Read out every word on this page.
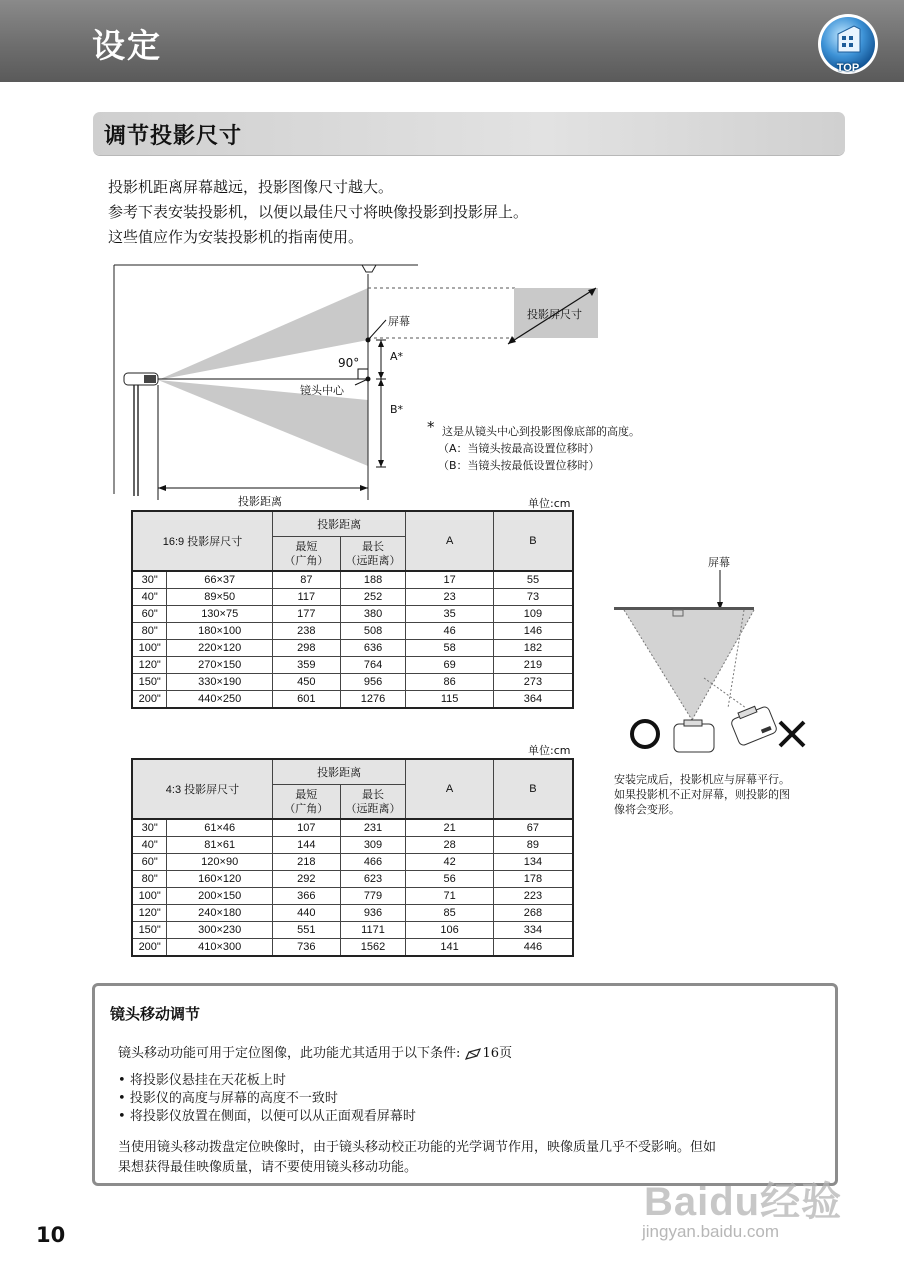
设定
TOP
调节投影尺寸
投影机距离屏幕越远，投影图像尺寸越大。
参考下表安装投影机，以便以最佳尺寸将映像投影到投影屏上。
这些值应作为安装投影机的指南使用。
屏幕
投影屏尺寸
90°	A*
B*
镜头中心
投影距离
* 这是从镜头中心到投影图像底部的高度。
（A：当镜头按最高设置位移时）
（B：当镜头按最低设置位移时）
单位:cm
16:9 投影屏尺寸		投影距离		A	B
		最短
（广角）	最长
（远距离）		
30"	66×37	87	188	17	55
40"	89×50	117	252	23	73
60"	130×75	177	380	35	109
80"	180×100	238	508	46	146
100"	220×120	298	636	58	182
120"	270×150	359	764	69	219
150"	330×190	450	956	86	273
200"	440×250	601	1276	115	364
单位:cm
4:3 投影屏尺寸		投影距离		A	B
		最短
（广角）	最长
（远距离）		
30"	61×46	107	231	21	67
40"	81×61	144	309	28	89
60"	120×90	218	466	42	134
80"	160×120	292	623	56	178
100"	200×150	366	779	71	223
120"	240×180	440	936	85	268
150"	300×230	551	1171	106	334
200"	410×300	736	1562	141	446
屏幕
安装完成后，投影机应与屏幕平行。
如果投影机不正对屏幕，则投影的图
像将会变形。
镜头移动调节
镜头移动功能可用于定位图像，此功能尤其适用于以下条件: 16页
• 将投影仪悬挂在天花板上时
• 投影仪的高度与屏幕的高度不一致时
• 将投影仪放置在侧面，以便可以从正面观看屏幕时
当使用镜头移动拨盘定位映像时，由于镜头移动校正功能的光学调节作用，映像质量几乎不受影响。但如
果想获得最佳映像质量，请不要使用镜头移动功能。
10
Baidu经验
jingyan.baidu.com
